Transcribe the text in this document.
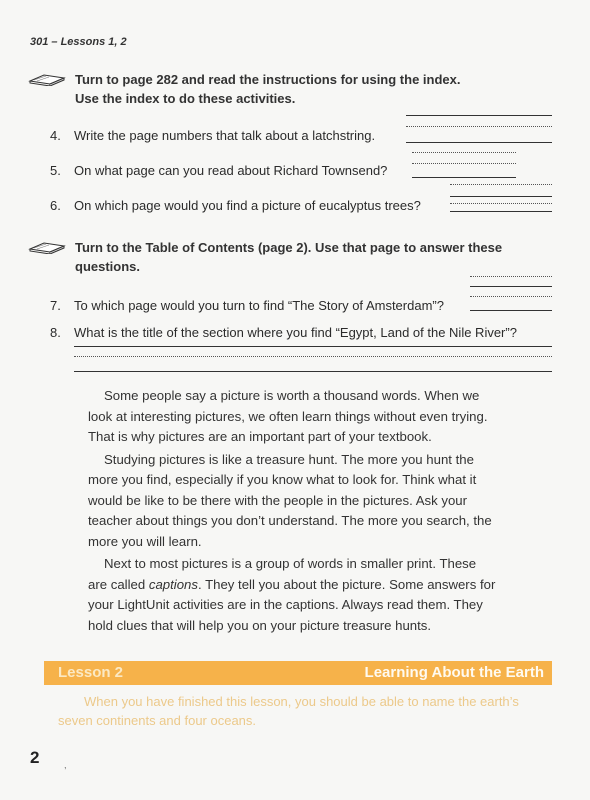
301 – Lessons 1, 2
Turn to page 282 and read the instructions for using the index.
Use the index to do these activities.
4. Write the page numbers that talk about a latchstring.
5. On what page can you read about Richard Townsend?
6. On which page would you find a picture of eucalyptus trees?
Turn to the Table of Contents (page 2). Use that page to answer these
questions.
7. To which page would you turn to find “The Story of Amsterdam”?
8. What is the title of the section where you find “Egypt, Land of the Nile River”?

Some people say a picture is worth a thousand words. When we
look at interesting pictures, we often learn things without even trying.
That is why pictures are an important part of your textbook.

Studying pictures is like a treasure hunt. The more you hunt the
more you find, especially if you know what to look for. Think what it
would be like to be there with the people in the pictures. Ask your
teacher about things you don’t understand. The more you search, the
more you will learn.

Next to most pictures is a group of words in smaller print. These
are called captions. They tell you about the picture. Some answers for
your LightUnit activities are in the captions. Always read them. They
hold clues that will help you on your picture treasure hunts.

Lesson 2	Learning About the Earth
When you have finished this lesson, you should be able to name the earth’s
seven continents and four oceans.
2	,
